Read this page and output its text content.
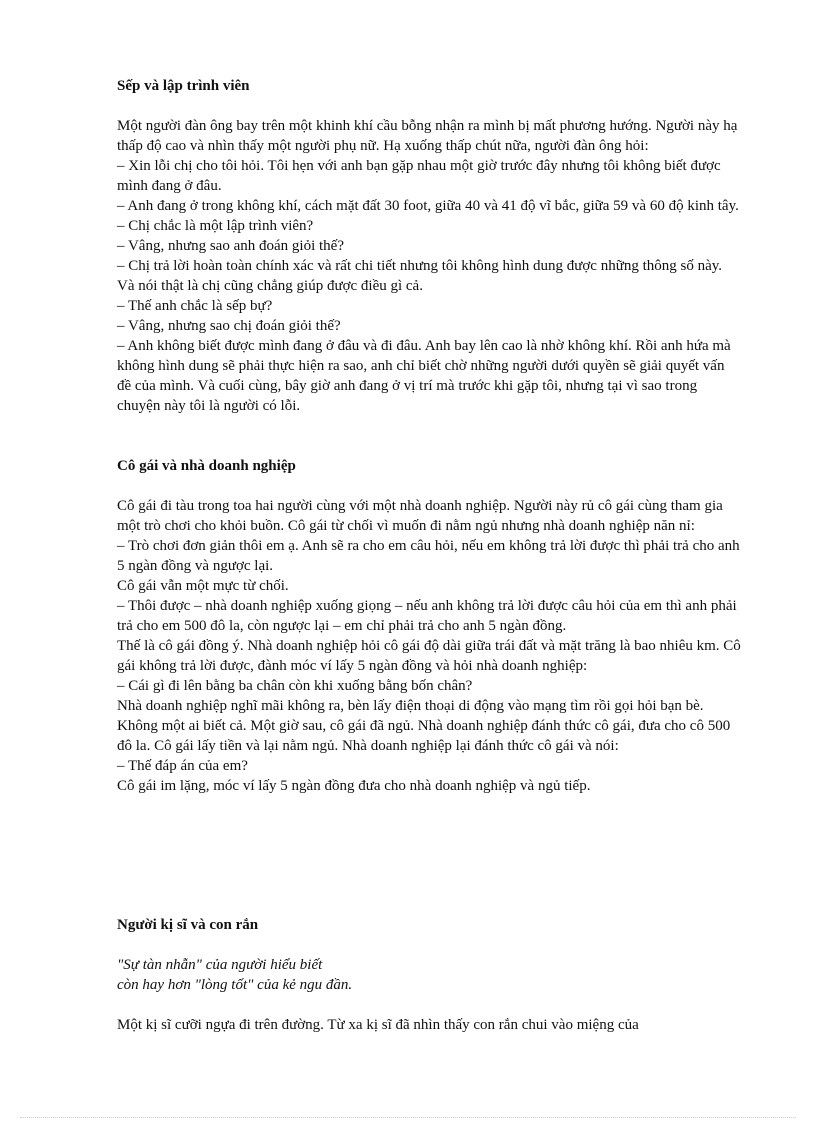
Sếp và lập trình viên

Một người đàn ông bay trên một khinh khí cầu bỗng nhận ra mình bị mất phương hướng. Người này hạ thấp độ cao và nhìn thấy một người phụ nữ. Hạ xuống thấp chút nữa, người đàn ông hỏi:

– Xin lỗi chị cho tôi hỏi. Tôi hẹn với anh bạn gặp nhau một giờ trước đây nhưng tôi không biết được mình đang ở đâu.

– Anh đang ở trong không khí, cách mặt đất 30 foot, giữa 40 và 41 độ vĩ bắc, giữa 59 và 60 độ kinh tây.

– Chị chắc là một lập trình viên?

– Vâng, nhưng sao anh đoán giỏi thế?

– Chị trả lời hoàn toàn chính xác và rất chi tiết nhưng tôi không hình dung được những thông số này. Và nói thật là chị cũng chẳng giúp được điều gì cả.

– Thế anh chắc là sếp bự?

– Vâng, nhưng sao chị đoán giỏi thế?

– Anh không biết được mình đang ở đâu và đi đâu. Anh bay lên cao là nhờ không khí. Rồi anh hứa mà không hình dung sẽ phải thực hiện ra sao, anh chỉ biết chờ những người dưới quyền sẽ giải quyết vấn đề của mình. Và cuối cùng, bây giờ anh đang ở vị trí mà trước khi gặp tôi, nhưng tại vì sao trong chuyện này tôi là người có lỗi.

Cô gái và nhà doanh nghiệp

Cô gái đi tàu trong toa hai người cùng với một nhà doanh nghiệp. Người này rủ cô gái cùng tham gia một trò chơi cho khỏi buồn. Cô gái từ chối vì muốn đi nằm ngủ nhưng nhà doanh nghiệp năn nỉ:

– Trò chơi đơn giản thôi em ạ. Anh sẽ ra cho em câu hỏi, nếu em không trả lời được thì phải trả cho anh 5 ngàn đồng và ngược lại.

Cô gái vẫn một mực từ chối.

– Thôi được – nhà doanh nghiệp xuống giọng – nếu anh không trả lời được câu hỏi của em thì anh phải trả cho em 500 đô la, còn ngược lại – em chỉ phải trả cho anh 5 ngàn đồng.

Thế là cô gái đồng ý. Nhà doanh nghiệp hỏi cô gái độ dài giữa trái đất và mặt trăng là bao nhiêu km. Cô gái không trả lời được, đành móc ví lấy 5 ngàn đồng và hỏi nhà doanh nghiệp:

– Cái gì đi lên bằng ba chân còn khi xuống bằng bốn chân?

Nhà doanh nghiệp nghĩ mãi không ra, bèn lấy điện thoại di động vào mạng tìm rồi gọi hỏi bạn bè. Không một ai biết cả. Một giờ sau, cô gái đã ngủ. Nhà doanh nghiệp đánh thức cô gái, đưa cho cô 500 đô la. Cô gái lấy tiền và lại nằm ngủ. Nhà doanh nghiệp lại đánh thức cô gái và nói:

– Thế đáp án của em?

Cô gái im lặng, móc ví lấy 5 ngàn đồng đưa cho nhà doanh nghiệp và ngủ tiếp.

Người kị sĩ và con rắn

"Sự tàn nhẫn" của người hiểu biết

còn hay hơn "lòng tốt" của kẻ ngu đần.

Một kị sĩ cưỡi ngựa đi trên đường. Từ xa kị sĩ đã nhìn thấy con rắn chui vào miệng của
